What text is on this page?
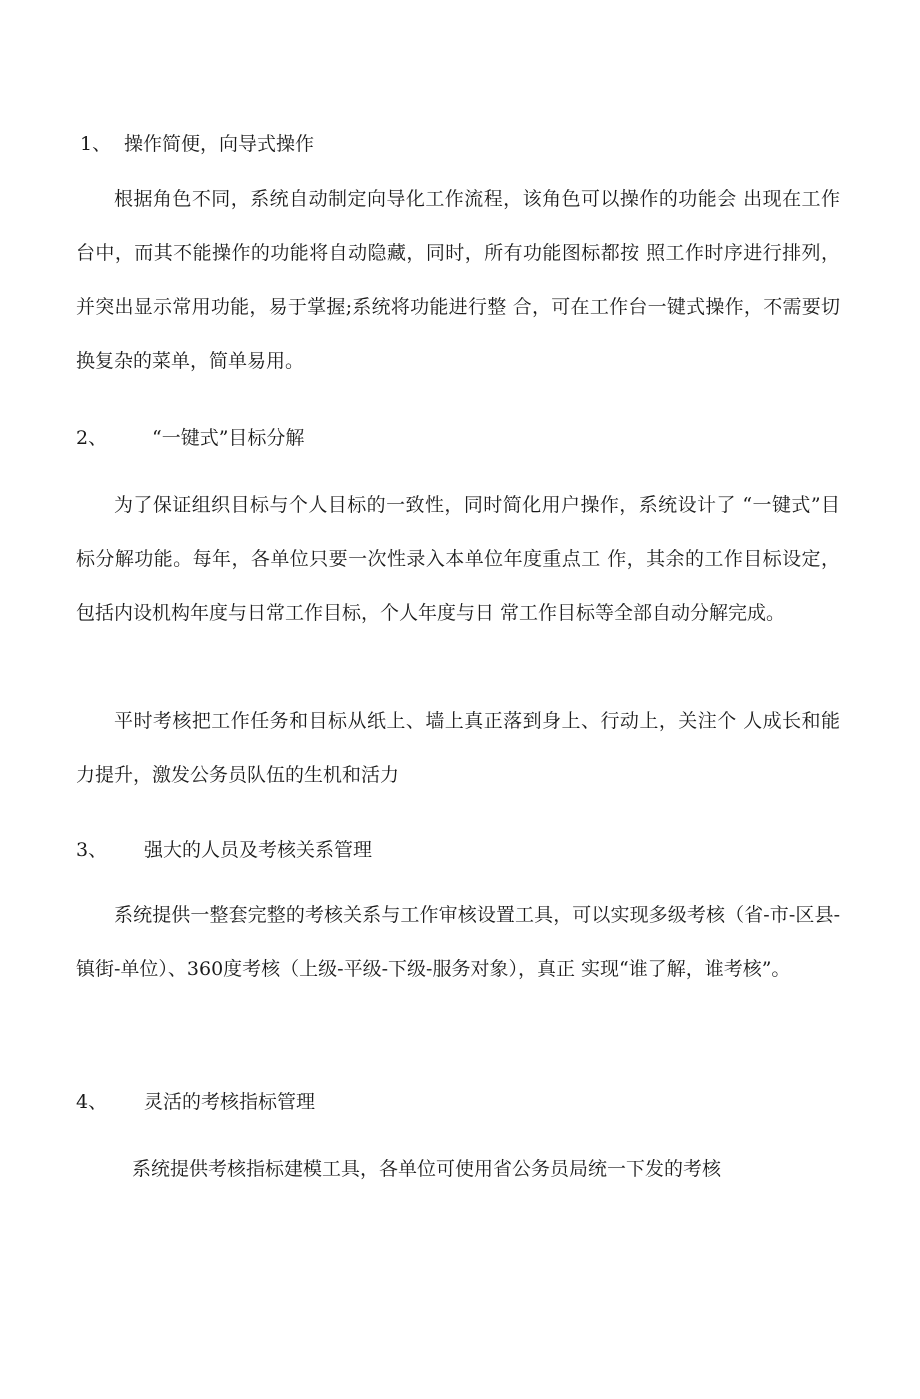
1、 操作简便，向导式操作

根据角色不同，系统自动制定向导化工作流程，该角色可以操作的功能会 出现在工作台中，而其不能操作的功能将自动隐藏，同时，所有功能图标都按 照工作时序进行排列，并突出显示常用功能，易于掌握;系统将功能进行整 合，可在工作台一键式操作，不需要切换复杂的菜单，简单易用。

2、 “一键式”目标分解

为了保证组织目标与个人目标的一致性，同时简化用户操作，系统设计了 “一键式”目标分解功能。每年，各单位只要一次性录入本单位年度重点工 作，其余的工作目标设定，包括内设机构年度与日常工作目标，个人年度与日 常工作目标等全部自动分解完成。

平时考核把工作任务和目标从纸上、墙上真正落到身上、行动上，关注个 人成长和能力提升，激发公务员队伍的生机和活力

3、 强大的人员及考核关系管理

系统提供一整套完整的考核关系与工作审核设置工具，可以实现多级考核（省-市-区县-镇街-单位）、360度考核（上级-平级-下级-服务对象），真正 实现“谁了解，谁考核”。

4、 灵活的考核指标管理

系统提供考核指标建模工具，各单位可使用省公务员局统一下发的考核
